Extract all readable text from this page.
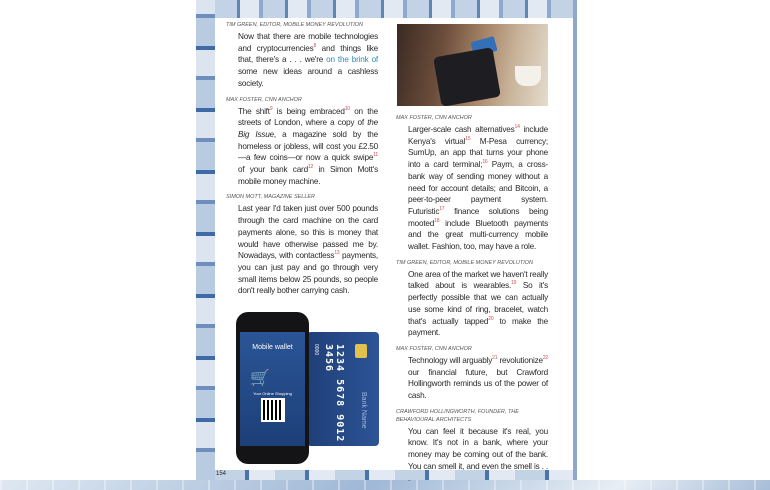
TIM GREEN, EDITOR, MOBILE MONEY REVOLUTION
Now that there are mobile technologies and cryptocurrencies$^8$ and things like that, there's a . . . we're on the brink of some new ideas around a cashless society.
MAX FOSTER, CNN ANCHOR
The shift$^9$ is being embraced$^{10}$ on the streets of London, where a copy of the Big Issue, a magazine sold by the homeless or jobless, will cost you £2.50—a few coins—or now a quick swipe$^{11}$ of your bank card$^{12}$ in Simon Mott's mobile money machine.
SIMON MOTT, MAGAZINE SELLER
Last year I'd taken just over 500 pounds through the card machine on the card payments alone, so this is money that would have otherwise passed me by. Nowadays, with contactless$^{13}$ payments, you can just pay and go through very small items below 25 pounds, so people don't really bother carrying cash.
MAX FOSTER, CNN ANCHOR
Larger-scale cash alternatives$^{14}$ include Kenya's virtual$^{15}$ M-Pesa currency; SumUp, an app that turns your phone into a card terminal;$^{16}$ Paym, a cross-bank way of sending money without a need for account details; and Bitcoin, a peer-to-peer payment system. Futuristic$^{17}$ finance solutions being mooted$^{18}$ include Bluetooth payments and the great multi-currency mobile wallet. Fashion, too, may have a role.
TIM GREEN, EDITOR, MOBILE MONEY REVOLUTION
One area of the market we haven't really talked about is wearables.$^{19}$ So it's perfectly possible that we can actually use some kind of ring, bracelet, watch that's actually tapped$^{20}$ to make the payment.
MAX FOSTER, CNN ANCHOR
Technology will arguably$^{21}$ revolutionize$^{22}$ our financial future, but Crawford Hollingworth reminds us of the power of cash.
CRAWFORD HOLLINGWORTH, FOUNDER, THE BEHAVIOURAL ARCHITECTS
You can feel it because it's real, you know. It's not in a bank, where your money may be coming out of the bank. You can smell it, and even the smell is . . .
0000	1234 5678 9012 3456
Bank Name
Mobile wallet
🛒
Your Online Shopping
154
